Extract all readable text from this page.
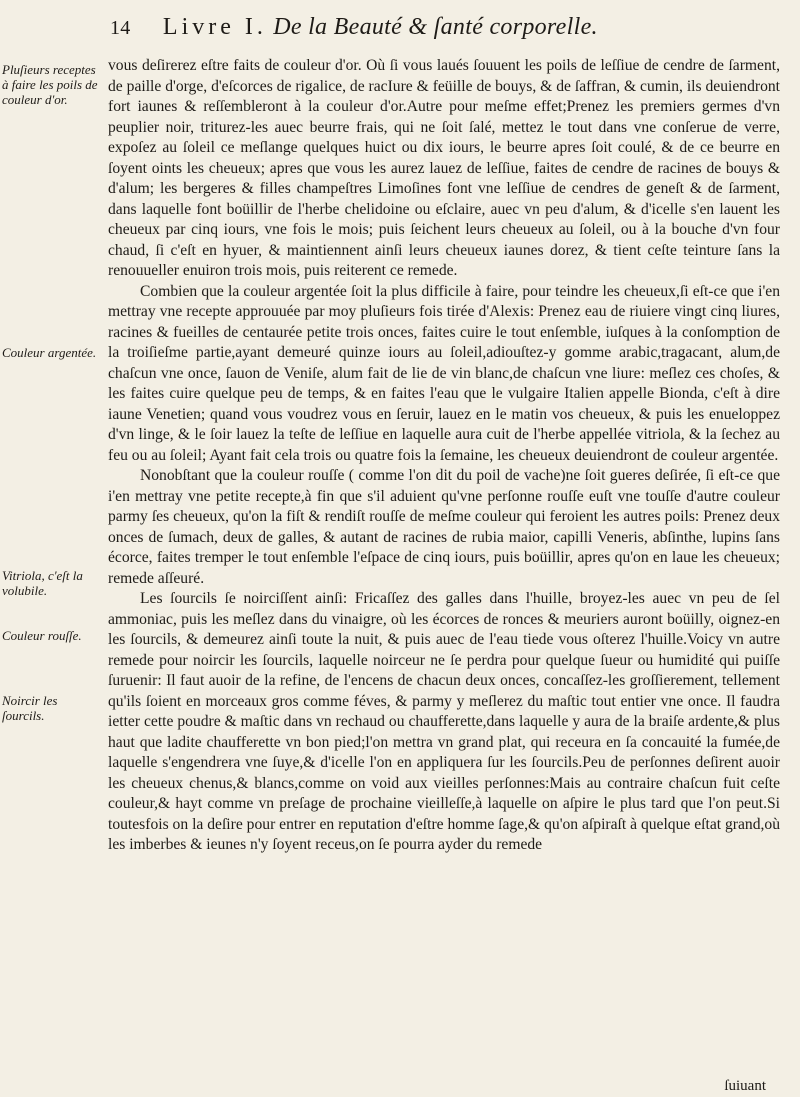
14 Livre I. De la Beauté & ſanté corporelle.
Pluſieurs receptes à faire les poils de couleur d'or.
Couleur argentée.
Vitriola, c'eſt la volubile.
Couleur rouſſe.
Noircir les ſourcils.

vous deſirerez eſtre faits de couleur d'or. Où ſi vous laués ſouuent les poils de leſſiue de cendre de ſarment, de paille d'orge, d'eſcorces de rigalice, de racIure & feüille de bouys, & de ſaffran, & cumin, ils deuiendront fort iaunes & reſſembleront à la couleur d'or.Autre pour meſme effet;Prenez les premiers germes d'vn peuplier noir, triturez-les auec beurre frais, qui ne ſoit ſalé, mettez le tout dans vne conſerue de verre, expoſez au ſoleil ce meſlange quelques huict ou dix iours, le beurre apres ſoit coulé, & de ce beurre en ſoyent oints les cheueux; apres que vous les aurez lauez de leſſiue, faites de cendre de racines de bouys & d'alum; les bergeres & filles champeſtres Limoſines font vne leſſiue de cendres de geneſt & de ſarment, dans laquelle font boüillir de l'herbe chelidoine ou eſclaire, auec vn peu d'alum, & d'icelle s'en lauent les cheueux par cinq iours, vne fois le mois; puis ſeichent leurs cheueux au ſoleil, ou à la bouche d'vn four chaud, ſi c'eſt en hyuer, & maintiennent ainſi leurs cheueux iaunes dorez, & tient ceſte teinture ſans la renouueller enuiron trois mois, puis reiterent ce remede.

Combien que la couleur argentée ſoit la plus difficile à faire, pour teindre les cheueux,ſi eſt-ce que i'en mettray vne recepte approuuée par moy pluſieurs fois tirée d'Alexis: Prenez eau de riuiere vingt cinq liures, racines & fueilles de centaurée petite trois onces, faites cuire le tout enſemble, iuſques à la conſomption de la troiſieſme partie,ayant demeuré quinze iours au ſoleil,adiouſtez-y gomme arabic,tragacant, alum,de chaſcun vne once, ſauon de Veniſe, alum fait de lie de vin blanc,de chaſcun vne liure: meſlez ces choſes, & les faites cuire quelque peu de temps, & en faites l'eau que le vulgaire Italien appelle Bionda, c'eſt à dire iaune Venetien; quand vous voudrez vous en ſeruir, lauez en le matin vos cheueux, & puis les enueloppez d'vn linge, & le ſoir lauez la teſte de leſſiue en laquelle aura cuit de l'herbe appellée vitriola, & la ſechez au feu ou au ſoleil; Ayant fait cela trois ou quatre fois la ſemaine, les cheueux deuiendront de couleur argentée.

Nonobſtant que la couleur rouſſe ( comme l'on dit du poil de vache)ne ſoit gueres deſirée, ſi eſt-ce que i'en mettray vne petite recepte,à fin que s'il aduient qu'vne perſonne rouſſe euſt vne touſſe d'autre couleur parmy ſes cheueux, qu'on la fiſt & rendiſt rouſſe de meſme couleur qui feroient les autres poils: Prenez deux onces de ſumach, deux de galles, & autant de racines de rubia maior, capilli Veneris, abſinthe, lupins ſans écorce, faites tremper le tout enſemble l'eſpace de cinq iours, puis boüillir, apres qu'on en laue les cheueux; remede aſſeuré.

Les ſourcils ſe noirciſſent ainſi: Fricaſſez des galles dans l'huille, broyez-les auec vn peu de ſel ammoniac, puis les meſlez dans du vinaigre, où les écorces de ronces & meuriers auront boüilly, oignez-en les ſourcils, & demeurez ainſi toute la nuit, & puis auec de l'eau tiede vous oſterez l'huille.Voicy vn autre remede pour noircir les ſourcils, laquelle noirceur ne ſe perdra pour quelque ſueur ou humidité qui puiſſe ſuruenir: Il faut auoir de la refine, de l'encens de chacun deux onces, concaſſez-les groſſierement, tellement qu'ils ſoient en morceaux gros comme féves, & parmy y meſlerez du maſtic tout entier vne once. Il faudra ietter cette poudre & maſtic dans vn rechaud ou chaufferette,dans laquelle y aura de la braiſe ardente,& plus haut que ladite chaufferette vn bon pied;l'on mettra vn grand plat, qui receura en ſa concauité la fumée,de laquelle s'engendrera vne ſuye,& d'icelle l'on en appliquera ſur les ſourcils.Peu de perſonnes deſirent auoir les cheueux chenus,& blancs,comme on void aux vieilles perſonnes:Mais au contraire chaſcun fuit ceſte couleur,& hayt comme vn preſage de prochaine vieilleſſe,à laquelle on aſpire le plus tard que l'on peut.Si toutesfois on la deſire pour entrer en reputation d'eſtre homme ſage,& qu'on aſpiraſt à quelque eſtat grand,où les imberbes & ieunes n'y ſoyent receus,on ſe pourra ayder du remede

ſuiuant
